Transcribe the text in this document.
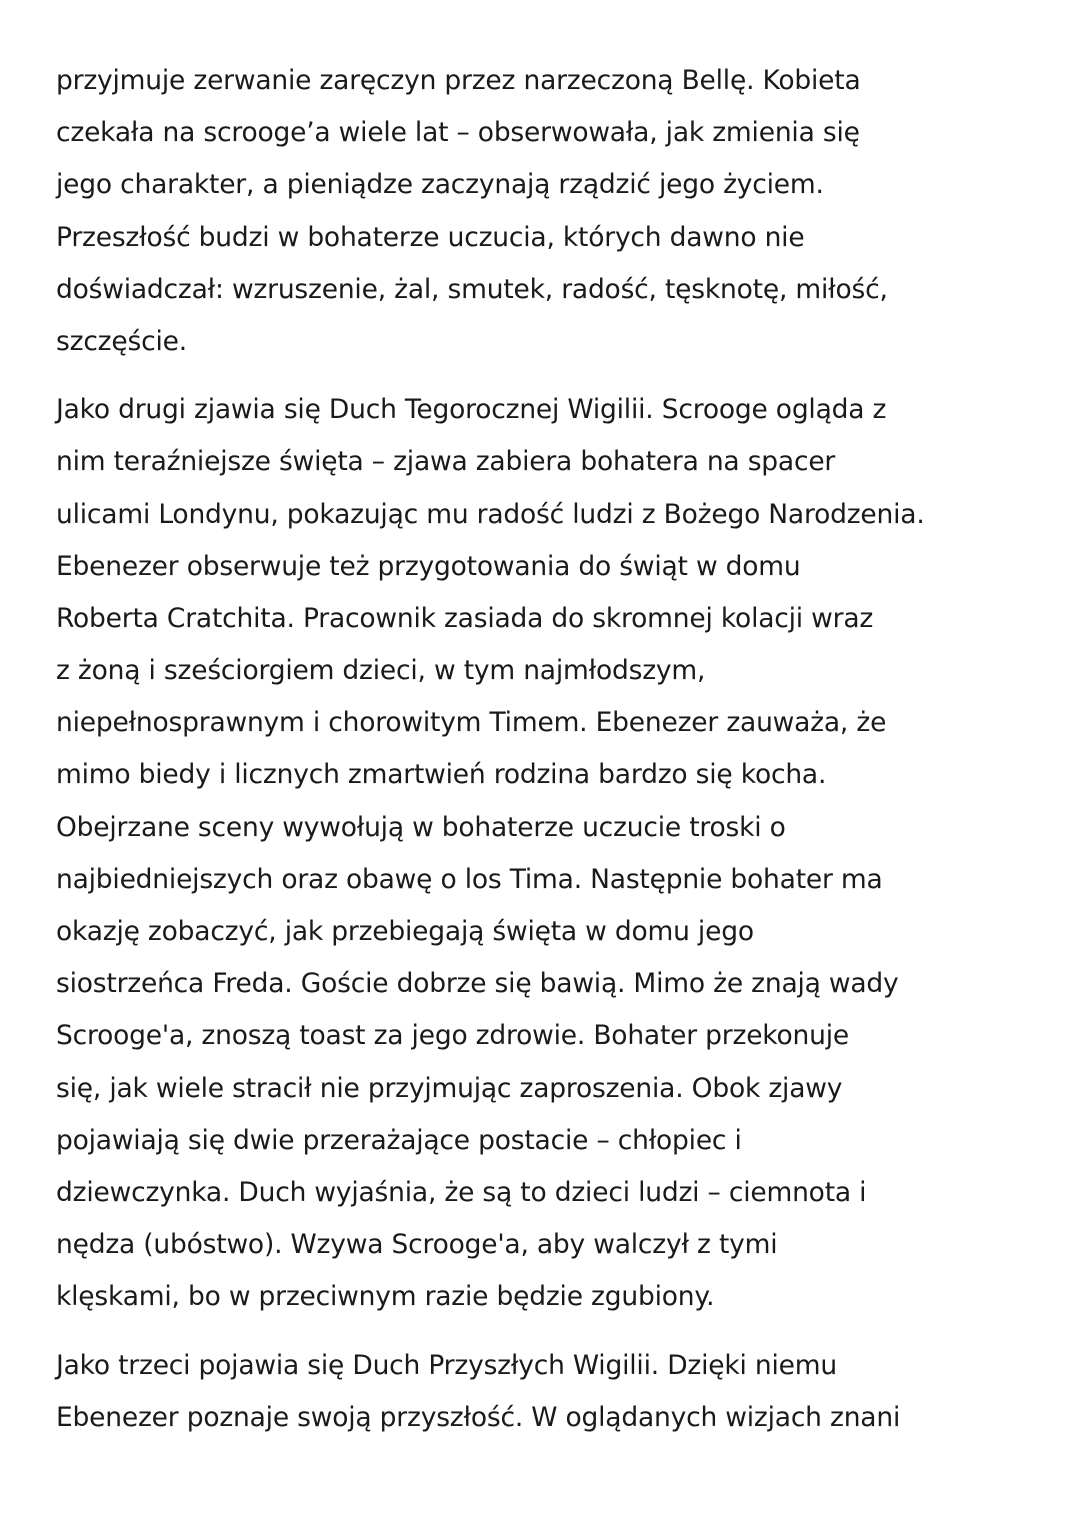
przyjmuje zerwanie zaręczyn przez narzeczoną Bellę. Kobieta
czekała na scrooge’a wiele lat – obserwowała, jak zmienia się
jego charakter, a pieniądze zaczynają rządzić jego życiem.
Przeszłość budzi w bohaterze uczucia, których dawno nie
doświadczał: wzruszenie, żal, smutek, radość, tęsknotę, miłość,
szczęście.
Jako drugi zjawia się Duch Tegorocznej Wigilii. Scrooge ogląda z
nim teraźniejsze święta – zjawa zabiera bohatera na spacer
ulicami Londynu, pokazując mu radość ludzi z Bożego Narodzenia.
Ebenezer obserwuje też przygotowania do świąt w domu
Roberta Cratchita. Pracownik zasiada do skromnej kolacji wraz
z żoną i sześciorgiem dzieci, w tym najmłodszym,
niepełnosprawnym i chorowitym Timem. Ebenezer zauważa, że
mimo biedy i licznych zmartwień rodzina bardzo się kocha.
Obejrzane sceny wywołują w bohaterze uczucie troski o
najbiedniejszych oraz obawę o los Tima. Następnie bohater ma
okazję zobaczyć, jak przebiegają święta w domu jego
siostrzeńca Freda. Goście dobrze się bawią. Mimo że znają wady
Scrooge'a, znoszą toast za jego zdrowie. Bohater przekonuje
się, jak wiele stracił nie przyjmując zaproszenia. Obok zjawy
pojawiają się dwie przerażające postacie – chłopiec i
dziewczynka. Duch wyjaśnia, że są to dzieci ludzi – ciemnota i
nędza (ubóstwo). Wzywa Scrooge'a, aby walczył z tymi
klęskami, bo w przeciwnym razie będzie zgubiony.
Jako trzeci pojawia się Duch Przyszłych Wigilii. Dzięki niemu
Ebenezer poznaje swoją przyszłość. W oglądanych wizjach znani
